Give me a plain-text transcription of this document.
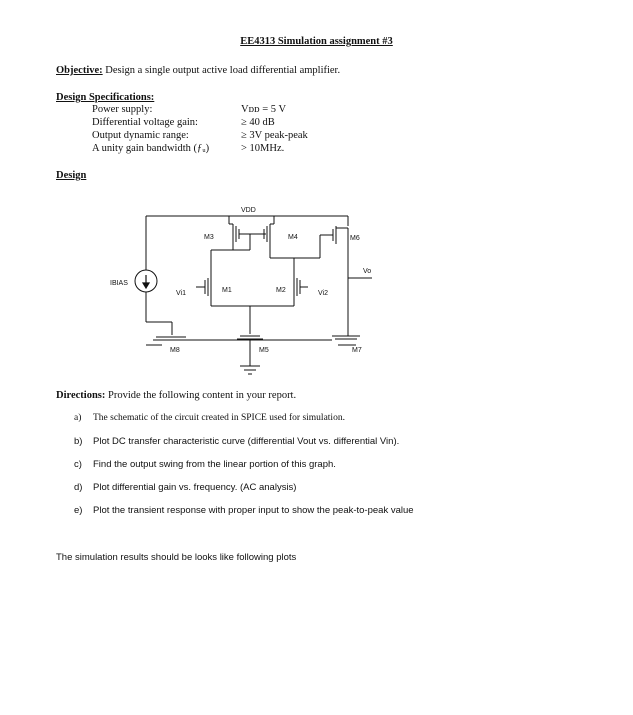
EE4313 Simulation assignment #3
Objective: Design a single output active load differential amplifier.
Design Specifications:
Power supply:	Vᴅᴅ = 5 V
Differential voltage gain:	≥ 40 dB
Output dynamic range:	≥ 3V peak-peak
A unity gain bandwidth (ƒᵤ)	> 10MHz.
Design
VDD
IBIAS
Vo
Vi1	Vi2
M3	M4	M6
M1	M2
M8	M5	M7
Directions: Provide the following content in your report.
a) The schematic of the circuit created in SPICE used for simulation.
b) Plot DC transfer characteristic curve (differential Vout vs. differential Vin).
c) Find the output swing from the linear portion of this graph.
d) Plot differential gain vs. frequency. (AC analysis)
e) Plot the transient response with proper input to show the peak-to-peak value
The simulation results should be looks like following plots
